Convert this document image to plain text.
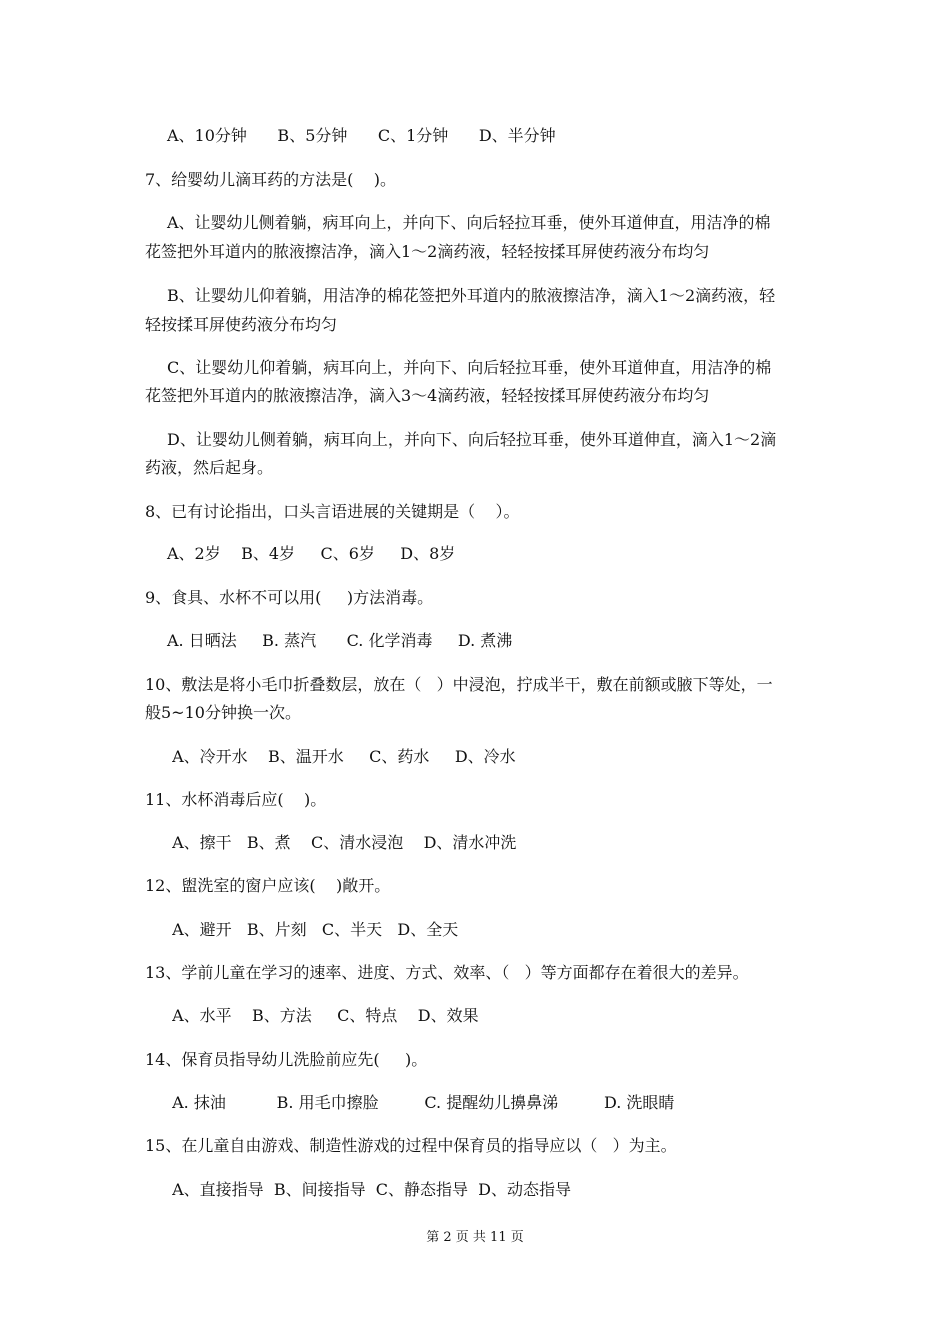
A、10分钟      B、5分钟      C、1分钟      D、半分钟
7、给婴幼儿滴耳药的方法是(    )。
A、让婴幼儿侧着躺，病耳向上，并向下、向后轻拉耳垂，使外耳道伸直，用洁净的棉
花签把外耳道内的脓液擦洁净，滴入1～2滴药液，轻轻按揉耳屏使药液分布均匀
B、让婴幼儿仰着躺，用洁净的棉花签把外耳道内的脓液擦洁净，滴入1～2滴药液，轻
轻按揉耳屏使药液分布均匀
C、让婴幼儿仰着躺，病耳向上，并向下、向后轻拉耳垂，使外耳道伸直，用洁净的棉
花签把外耳道内的脓液擦洁净，滴入3～4滴药液，轻轻按揉耳屏使药液分布均匀
D、让婴幼儿侧着躺，病耳向上，并向下、向后轻拉耳垂，使外耳道伸直，滴入1～2滴
药液，然后起身。
8、已有讨论指出，口头言语进展的关键期是（    ）。
A、2岁    B、4岁     C、6岁     D、8岁
9、食具、水杯不可以用(     )方法消毒。
A. 日晒法     B. 蒸汽      C. 化学消毒     D. 煮沸
10、敷法是将小毛巾折叠数层，放在（   ）中浸泡，拧成半干，敷在前额或腋下等处，一
般5~10分钟换一次。
A、冷开水    B、温开水     C、药水     D、冷水
11、水杯消毒后应(    )。
A、擦干   B、煮    C、清水浸泡    D、清水冲洗
12、盥洗室的窗户应该(    )敞开。
A、避开   B、片刻   C、半天   D、全天
13、学前儿童在学习的速率、进度、方式、效率、（   ）等方面都存在着很大的差异。
A、水平    B、方法     C、特点    D、效果
14、保育员指导幼儿洗脸前应先(     )。
A. 抹油          B. 用毛巾擦脸         C. 提醒幼儿擤鼻涕         D. 洗眼睛
15、在儿童自由游戏、制造性游戏的过程中保育员的指导应以（   ）为主。
A、直接指导  B、间接指导  C、静态指导  D、动态指导
第 2 页 共 11 页
